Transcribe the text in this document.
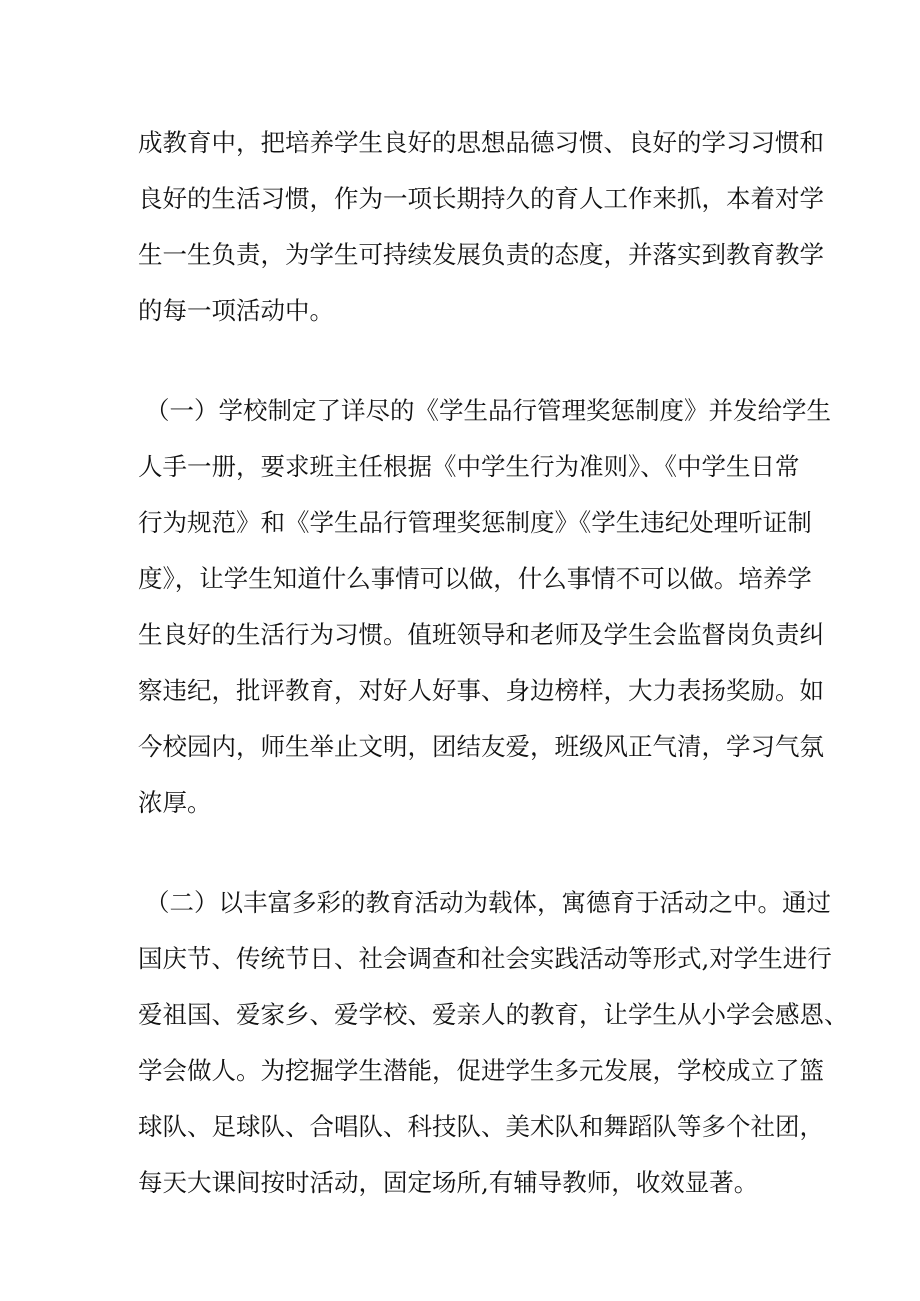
成教育中，把培养学生良好的思想品德习惯、良好的学习习惯和

良好的生活习惯，作为一项长期持久的育人工作来抓，本着对学

生一生负责，为学生可持续发展负责的态度，并落实到教育教学

的每一项活动中。

（一）学校制定了详尽的《学生品行管理奖惩制度》并发给学生

人手一册，要求班主任根据《中学生行为准则》、《中学生日常

行为规范》和《学生品行管理奖惩制度》《学生违纪处理听证制

度》，让学生知道什么事情可以做，什么事情不可以做。培养学

生良好的生活行为习惯。值班领导和老师及学生会监督岗负责纠

察违纪，批评教育，对好人好事、身边榜样，大力表扬奖励。如

今校园内，师生举止文明，团结友爱，班级风正气清，学习气氛

浓厚。

（二）以丰富多彩的教育活动为载体，寓德育于活动之中。通过

国庆节、传统节日、社会调查和社会实践活动等形式,对学生进行

爱祖国、爱家乡、爱学校、爱亲人的教育，让学生从小学会感恩、

学会做人。为挖掘学生潜能，促进学生多元发展，学校成立了篮

球队、足球队、合唱队、科技队、美术队和舞蹈队等多个社团，

每天大课间按时活动，固定场所,有辅导教师，收效显著。
